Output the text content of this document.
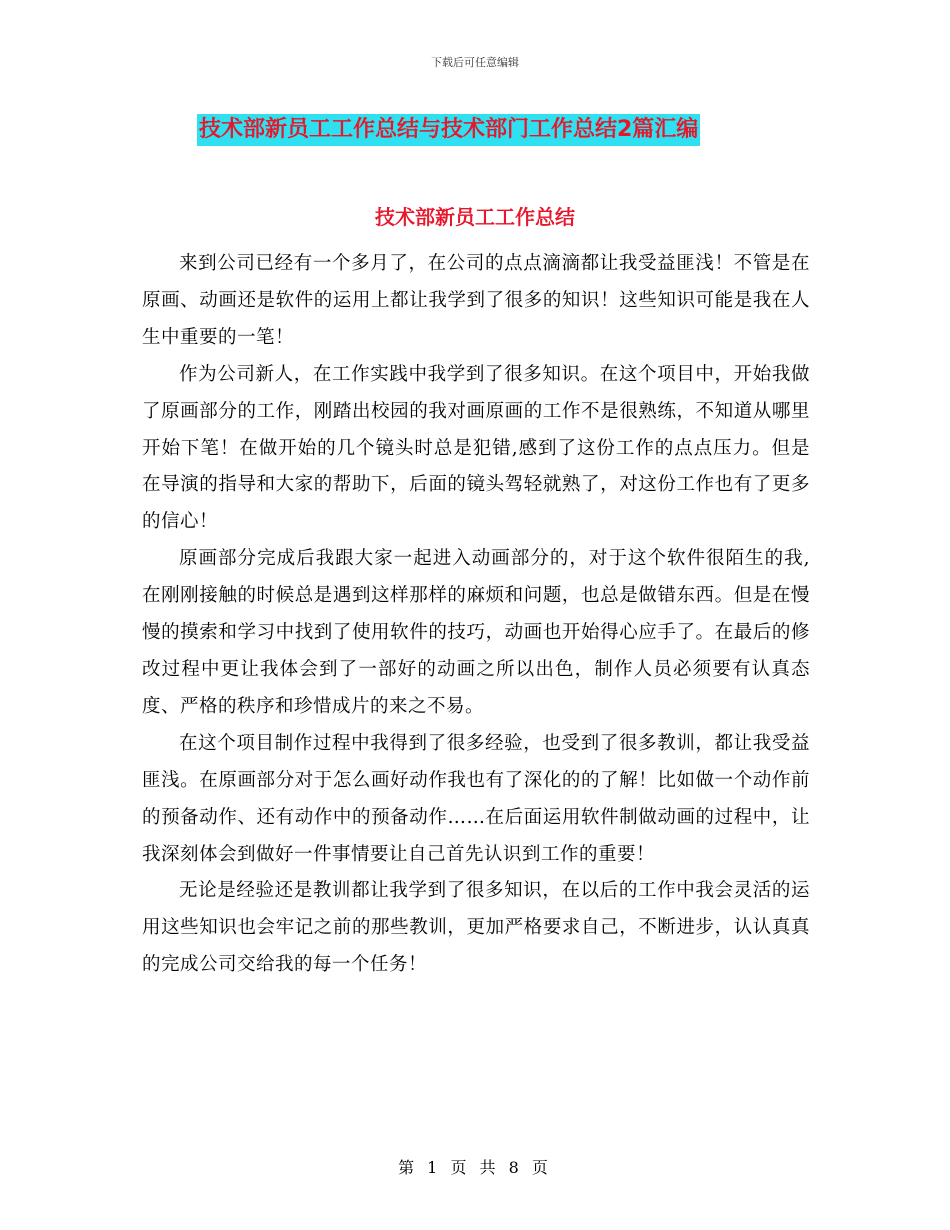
下载后可任意编辑
技术部新员工工作总结与技术部门工作总结2篇汇编
技术部新员工工作总结

来到公司已经有一个多月了，在公司的点点滴滴都让我受益匪浅！不管是在原画、动画还是软件的运用上都让我学到了很多的知识！这些知识可能是我在人生中重要的一笔！

作为公司新人，在工作实践中我学到了很多知识。在这个项目中，开始我做了原画部分的工作，刚踏出校园的我对画原画的工作不是很熟练，不知道从哪里开始下笔！在做开始的几个镜头时总是犯错,感到了这份工作的点点压力。但是在导演的指导和大家的帮助下，后面的镜头驾轻就熟了，对这份工作也有了更多的信心！

原画部分完成后我跟大家一起进入动画部分的，对于这个软件很陌生的我,在刚刚接触的时候总是遇到这样那样的麻烦和问题，也总是做错东西。但是在慢慢的摸索和学习中找到了使用软件的技巧，动画也开始得心应手了。在最后的修改过程中更让我体会到了一部好的动画之所以出色，制作人员必须要有认真态度、严格的秩序和珍惜成片的来之不易。

在这个项目制作过程中我得到了很多经验，也受到了很多教训，都让我受益匪浅。在原画部分对于怎么画好动作我也有了深化的的了解！比如做一个动作前的预备动作、还有动作中的预备动作……在后面运用软件制做动画的过程中，让我深刻体会到做好一件事情要让自己首先认识到工作的重要！

无论是经验还是教训都让我学到了很多知识，在以后的工作中我会灵活的运用这些知识也会牢记之前的那些教训，更加严格要求自己，不断进步，认认真真的完成公司交给我的每一个任务！

第 1 页 共 8 页
